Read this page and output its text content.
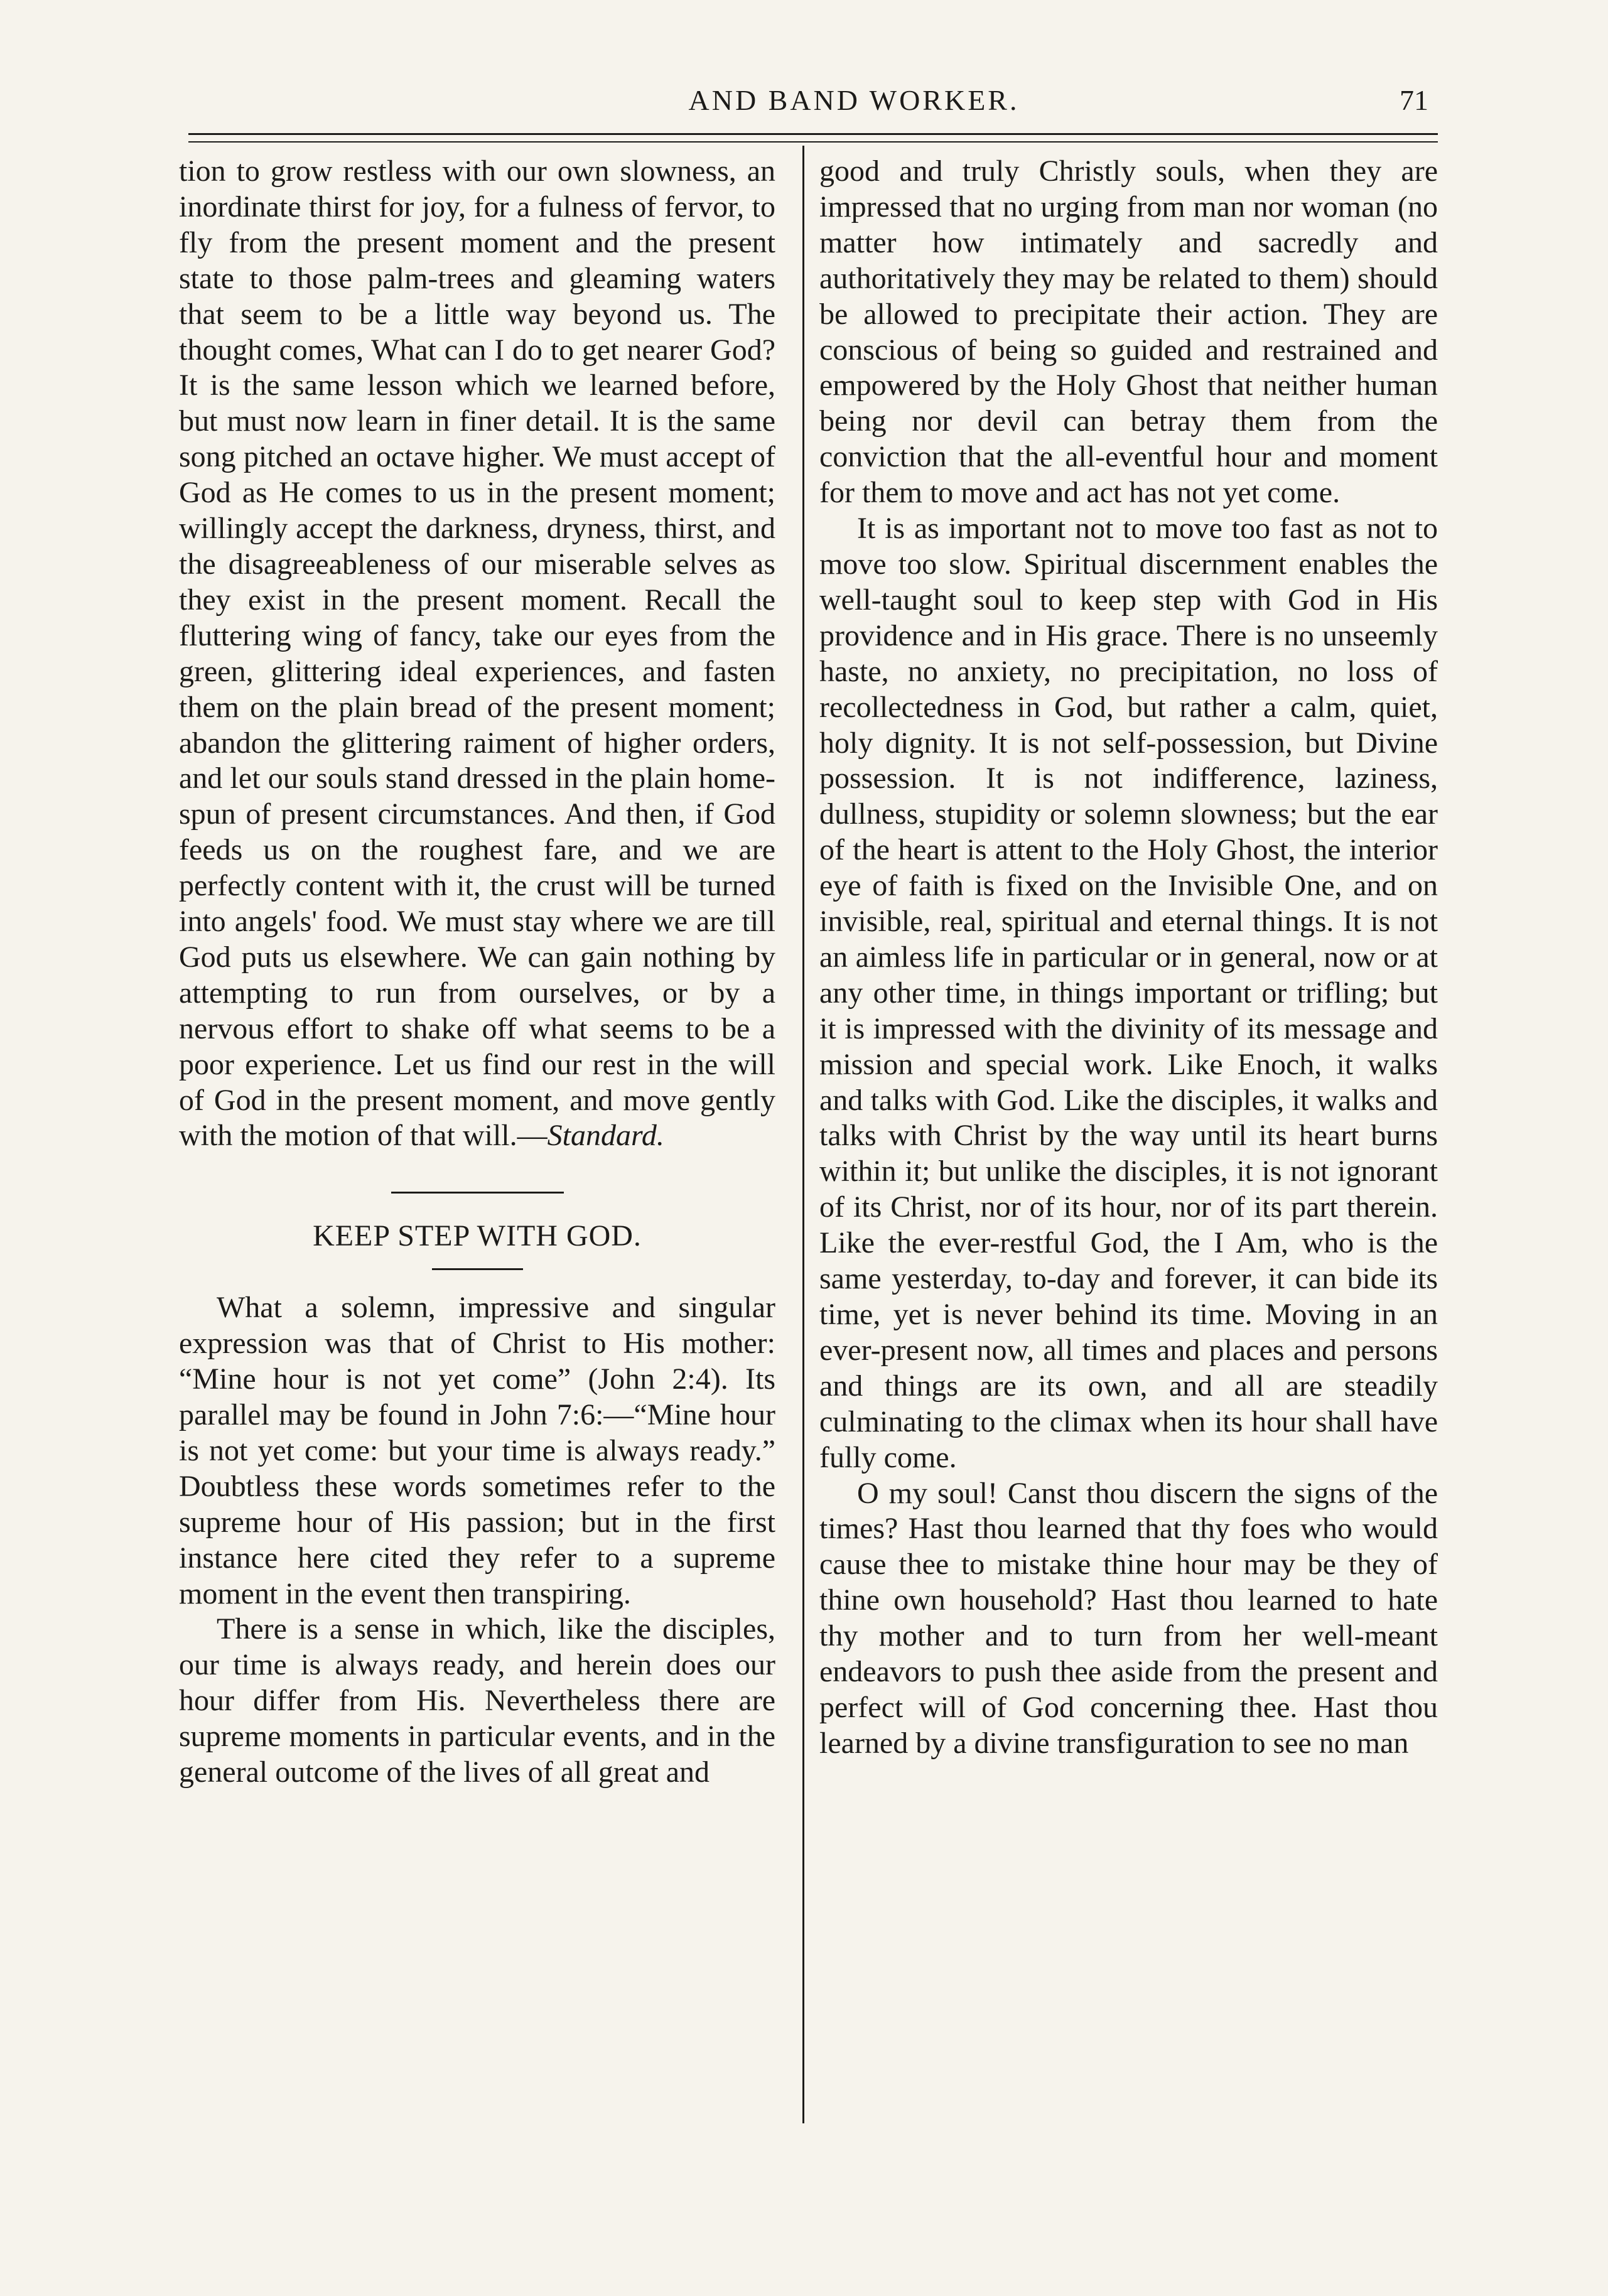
AND BAND WORKER.	71

tion to grow restless with our own slowness, an inordinate thirst for joy, for a fulness of fervor, to fly from the present moment and the present state to those palm-trees and gleaming waters that seem to be a little way beyond us. The thought comes, What can I do to get nearer God? It is the same lesson which we learned before, but must now learn in finer detail. It is the same song pitched an octave higher. We must accept of God as He comes to us in the present moment; willingly accept the darkness, dryness, thirst, and the disagreeableness of our miserable selves as they exist in the present moment. Recall the fluttering wing of fancy, take our eyes from the green, glittering ideal experiences, and fasten them on the plain bread of the present moment; abandon the glittering raiment of higher orders, and let our souls stand dressed in the plain home-spun of present circumstances. And then, if God feeds us on the roughest fare, and we are perfectly content with it, the crust will be turned into angels' food. We must stay where we are till God puts us elsewhere. We can gain nothing by attempting to run from ourselves, or by a nervous effort to shake off what seems to be a poor experience. Let us find our rest in the will of God in the present moment, and move gently with the motion of that will.—Standard.

KEEP STEP WITH GOD.

What a solemn, impressive and singular expression was that of Christ to His mother: “Mine hour is not yet come” (John 2:4). Its parallel may be found in John 7:6:—“Mine hour is not yet come: but your time is always ready.” Doubtless these words sometimes refer to the supreme hour of His passion; but in the first instance here cited they refer to a supreme moment in the event then transpiring.

There is a sense in which, like the disciples, our time is always ready, and herein does our hour differ from His. Nevertheless there are supreme moments in particular events, and in the general outcome of the lives of all great and

good and truly Christly souls, when they are impressed that no urging from man nor woman (no matter how intimately and sacredly and authoritatively they may be related to them) should be allowed to precipitate their action. They are conscious of being so guided and restrained and empowered by the Holy Ghost that neither human being nor devil can betray them from the conviction that the all-eventful hour and moment for them to move and act has not yet come.

It is as important not to move too fast as not to move too slow. Spiritual discernment enables the well-taught soul to keep step with God in His providence and in His grace. There is no unseemly haste, no anxiety, no precipitation, no loss of recollectedness in God, but rather a calm, quiet, holy dignity. It is not self-possession, but Divine possession. It is not indifference, laziness, dullness, stupidity or solemn slowness; but the ear of the heart is attent to the Holy Ghost, the interior eye of faith is fixed on the Invisible One, and on invisible, real, spiritual and eternal things. It is not an aimless life in particular or in general, now or at any other time, in things important or trifling; but it is impressed with the divinity of its message and mission and special work. Like Enoch, it walks and talks with God. Like the disciples, it walks and talks with Christ by the way until its heart burns within it; but unlike the disciples, it is not ignorant of its Christ, nor of its hour, nor of its part therein. Like the ever-restful God, the I Am, who is the same yesterday, to-day and forever, it can bide its time, yet is never behind its time. Moving in an ever-present now, all times and places and persons and things are its own, and all are steadily culminating to the climax when its hour shall have fully come.

O my soul! Canst thou discern the signs of the times? Hast thou learned that thy foes who would cause thee to mistake thine hour may be they of thine own household? Hast thou learned to hate thy mother and to turn from her well-meant endeavors to push thee aside from the present and perfect will of God concerning thee. Hast thou learned by a divine transfiguration to see no man
